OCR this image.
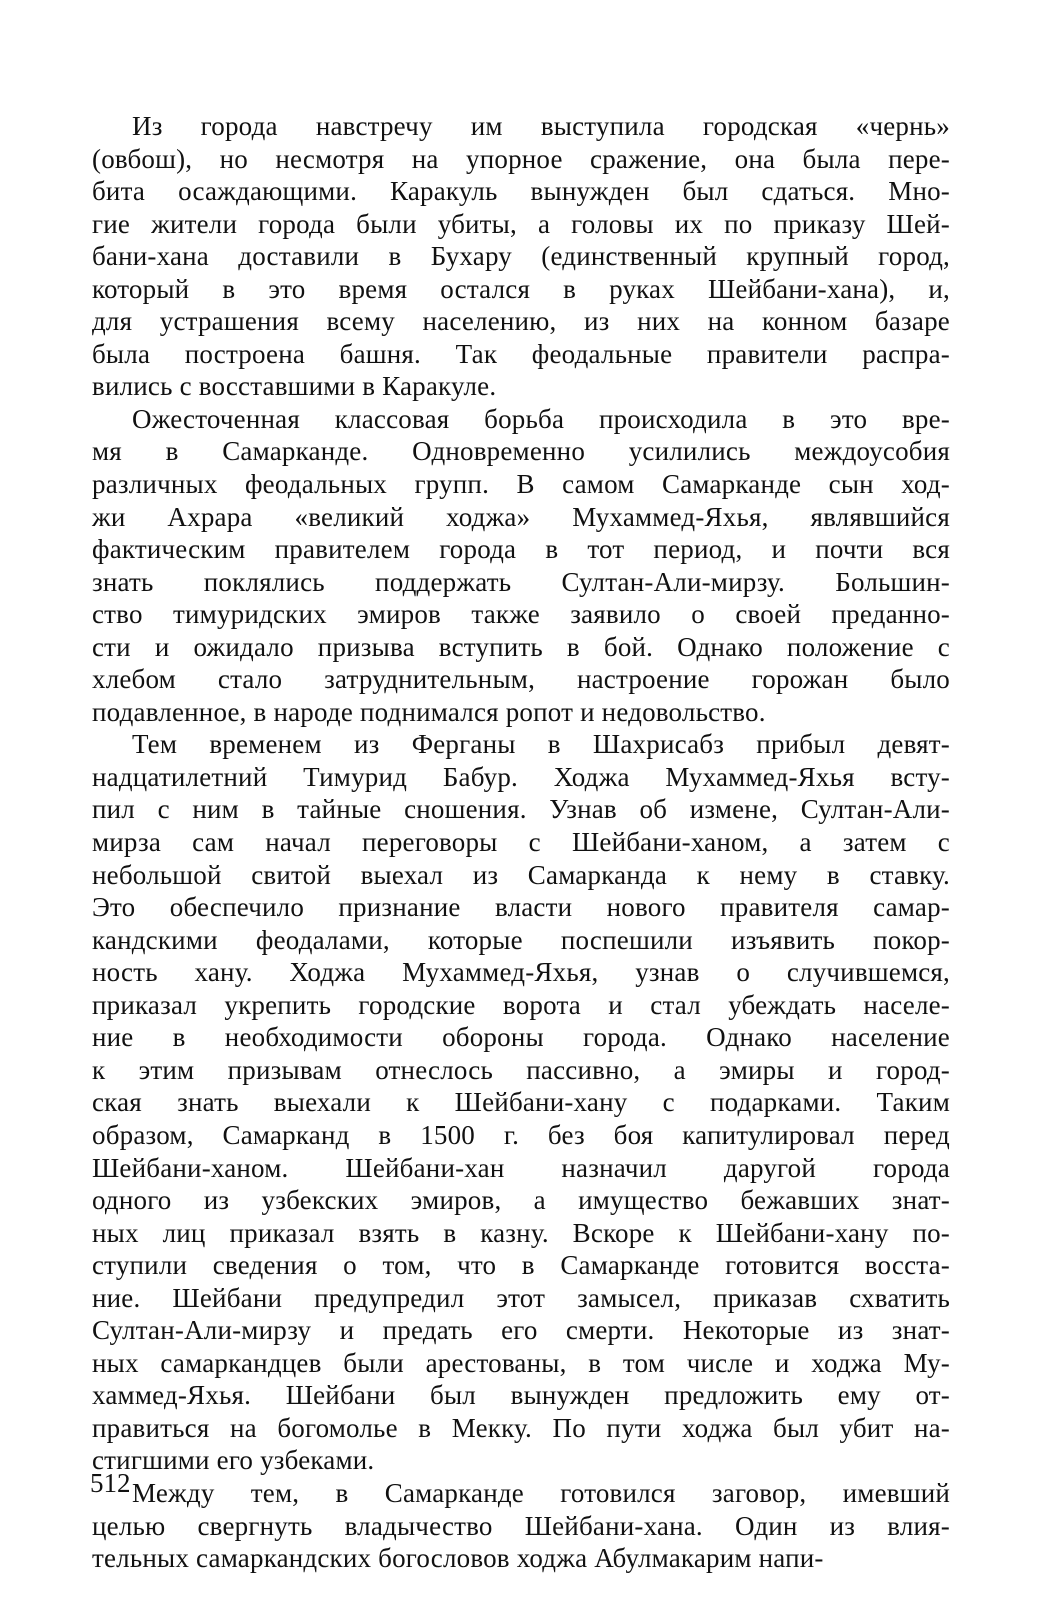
Из города навстречу им выступила городская «чернь»
(овбош), но несмотря на упорное сражение, она была пере-
бита осаждающими. Каракуль вынужден был сдаться. Мно-
гие жители города были убиты, а головы их по приказу Шей-
бани-хана доставили в Бухару (единственный крупный город,
который в это время остался в руках Шейбани-хана), и,
для устрашения всему населению, из них на конном базаре
была построена башня. Так феодальные правители распра-
вились с восставшими в Каракуле.
Ожесточенная классовая борьба происходила в это вре-
мя в Самарканде. Одновременно усилились междоусобия
различных феодальных групп. В самом Самарканде сын ход-
жи Ахрара «великий ходжа» Мухаммед-Яхья, являвшийся
фактическим правителем города в тот период, и почти вся
знать поклялись поддержать Султан-Али-мирзу. Большин-
ство тимуридских эмиров также заявило о своей преданно-
сти и ожидало призыва вступить в бой. Однако положение с
хлебом стало затруднительным, настроение горожан было
подавленное, в народе поднимался ропот и недовольство.
Тем временем из Ферганы в Шахрисабз прибыл девят-
надцатилетний Тимурид Бабур. Ходжа Мухаммед-Яхья всту-
пил с ним в тайные сношения. Узнав об измене, Султан-Али-
мирза сам начал переговоры с Шейбани-ханом, а затем с
небольшой свитой выехал из Самарканда к нему в ставку.
Это обеспечило признание власти нового правителя самар-
кандскими феодалами, которые поспешили изъявить покор-
ность хану. Ходжа Мухаммед-Яхья, узнав о случившемся,
приказал укрепить городские ворота и стал убеждать населе-
ние в необходимости обороны города. Однако население
к этим призывам отнеслось пассивно, а эмиры и город-
ская знать выехали к Шейбани-хану с подарками. Таким
образом, Самарканд в 1500 г. без боя капитулировал перед
Шейбани-ханом. Шейбани-хан назначил даругой города
одного из узбекских эмиров, а имущество бежавших знат-
ных лиц приказал взять в казну. Вскоре к Шейбани-хану по-
ступили сведения о том, что в Самарканде готовится восста-
ние. Шейбани предупредил этот замысел, приказав схватить
Султан-Али-мирзу и предать его смерти. Некоторые из знат-
ных самаркандцев были арестованы, в том числе и ходжа Му-
хаммед-Яхья. Шейбани был вынужден предложить ему от-
правиться на богомолье в Мекку. По пути ходжа был убит на-
стигшими его узбеками.
Между тем, в Самарканде готовился заговор, имевший
целью свергнуть владычество Шейбани-хана. Один из влия-
тельных самаркандских богословов ходжа Абулмакарим напи-
512
